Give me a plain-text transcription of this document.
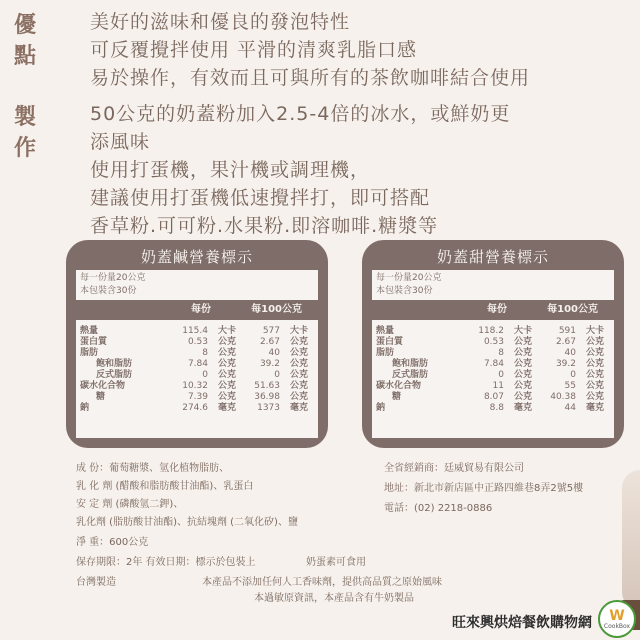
優點
美好的滋味和優良的發泡特性
可反覆攪拌使用 平滑的清爽乳脂口感
易於操作，有效而且可與所有的茶飲咖啡結合使用
製作
50公克的奶蓋粉加入2.5-4倍的冰水，或鮮奶更
添風味
使用打蛋機，果汁機或調理機，
建議使用打蛋機低速攪拌打，即可搭配
香草粉.可可粉.水果粉.即溶咖啡.糖漿等
奶蓋鹹營養標示
每一份量20公克
本包裝含30份
每份	每100公克
熱量	115.4	大卡	577	大卡
蛋白質	0.53	公克	2.67	公克
脂肪	8	公克	40	公克
飽和脂肪	7.84	公克	39.2	公克
反式脂肪	0	公克	0	公克
碳水化合物	10.32	公克	51.63	公克
糖	7.39	公克	36.98	公克
鈉	274.6	毫克	1373	毫克
奶蓋甜營養標示
每一份量20公克
本包裝含30份
每份	每100公克
熱量	118.2	大卡	591	大卡
蛋白質	0.53	公克	2.67	公克
脂肪	8	公克	40	公克
飽和脂肪	7.84	公克	39.2	公克
反式脂肪	0	公克	0	公克
碳水化合物	11	公克	55	公克
糖	8.07	公克	40.38	公克
鈉	8.8	毫克	44	毫克
成 份：葡萄糖漿、氫化植物脂肪、
乳 化 劑 (醋酸和脂肪酸甘油酯)、乳蛋白
安 定 劑 (磷酸氫二鉀)、
乳化劑 (脂肪酸甘油酯)、抗結塊劑 (二氧化矽)、鹽
淨 重：600公克
保存期限：2年 有效日期：標示於包裝上	奶蛋素可食用
台灣製造	本產品不添加任何人工香味劑，提供高品質之原始風味
本過敏原資訊，本產品含有牛奶製品
全省經銷商：廷威貿易有限公司
地址：新北市新店區中正路四維巷8弄2號5樓
電話：(02) 2218-0886
旺來興烘焙餐飲購物網 W
CookBox
